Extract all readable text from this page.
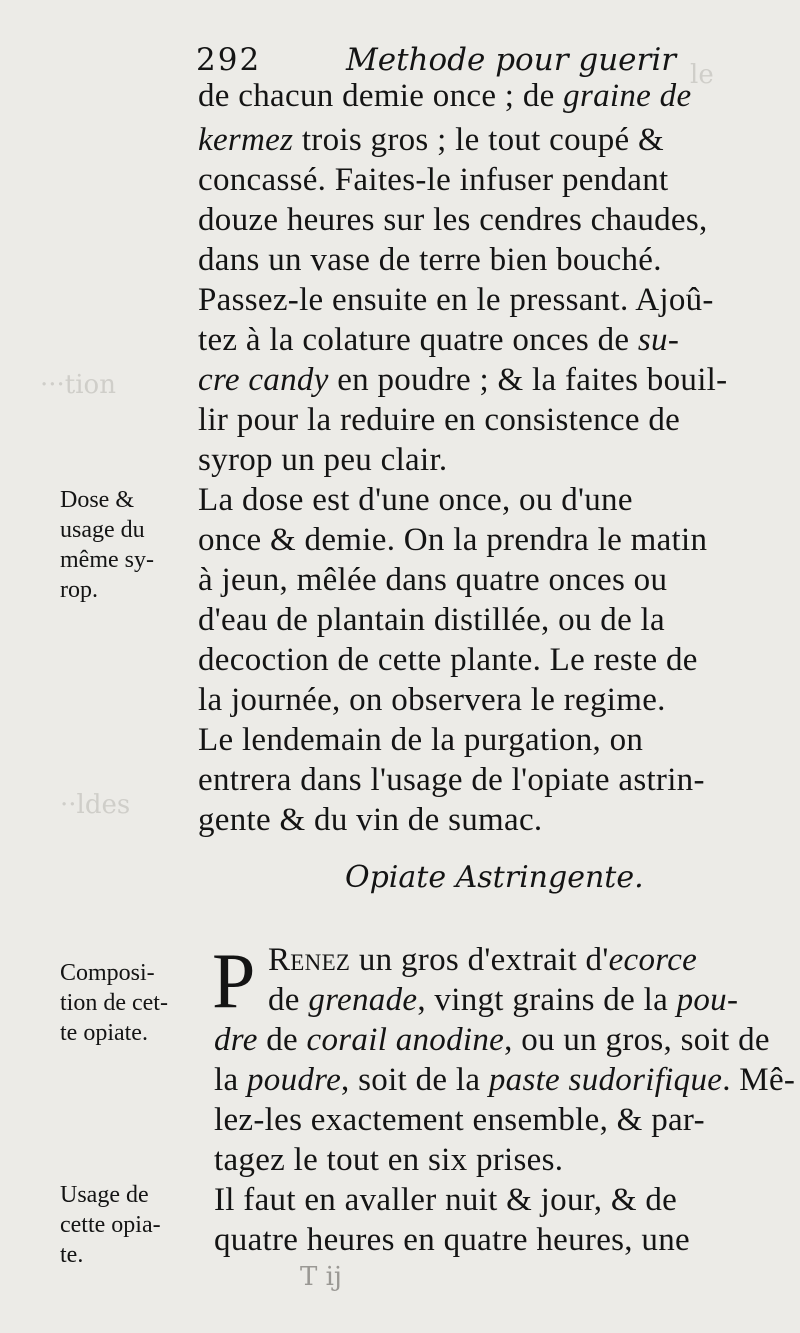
le
···tion
··ldes
292	Methode pour guerir
de chacun demie once ; de graine de
kermez trois gros ; le tout coupé &
concassé. Faites-le infuser pendant
douze heures sur les cendres chaudes,
dans un vase de terre bien bouché.
Passez-le ensuite en le pressant. Ajoû-
tez à la colature quatre onces de su-
cre candy en poudre ; & la faites bouil-
lir pour la reduire en consistence de
syrop un peu clair.
Dose &
usage du
même sy-
rop.
La dose est d'une once, ou d'une
once & demie. On la prendra le matin
à jeun, mêlée dans quatre onces ou
d'eau de plantain distillée, ou de la
decoction de cette plante. Le reste de
la journée, on observera le regime.
Le lendemain de la purgation, on
entrera dans l'usage de l'opiate astrin-
gente & du vin de sumac.
Opiate Astringente.
Composi-
tion de cet-
te opiate.
P Renez un gros d'extrait d'ecorce
de grenade, vingt grains de la pou-
dre de corail anodine, ou un gros, soit de
la poudre, soit de la paste sudorifique. Mê-
lez-les exactement ensemble, & par-
tagez le tout en six prises.
Usage de
cette opia-
te.
Il faut en avaller nuit & jour, & de
quatre heures en quatre heures, une
T ij
